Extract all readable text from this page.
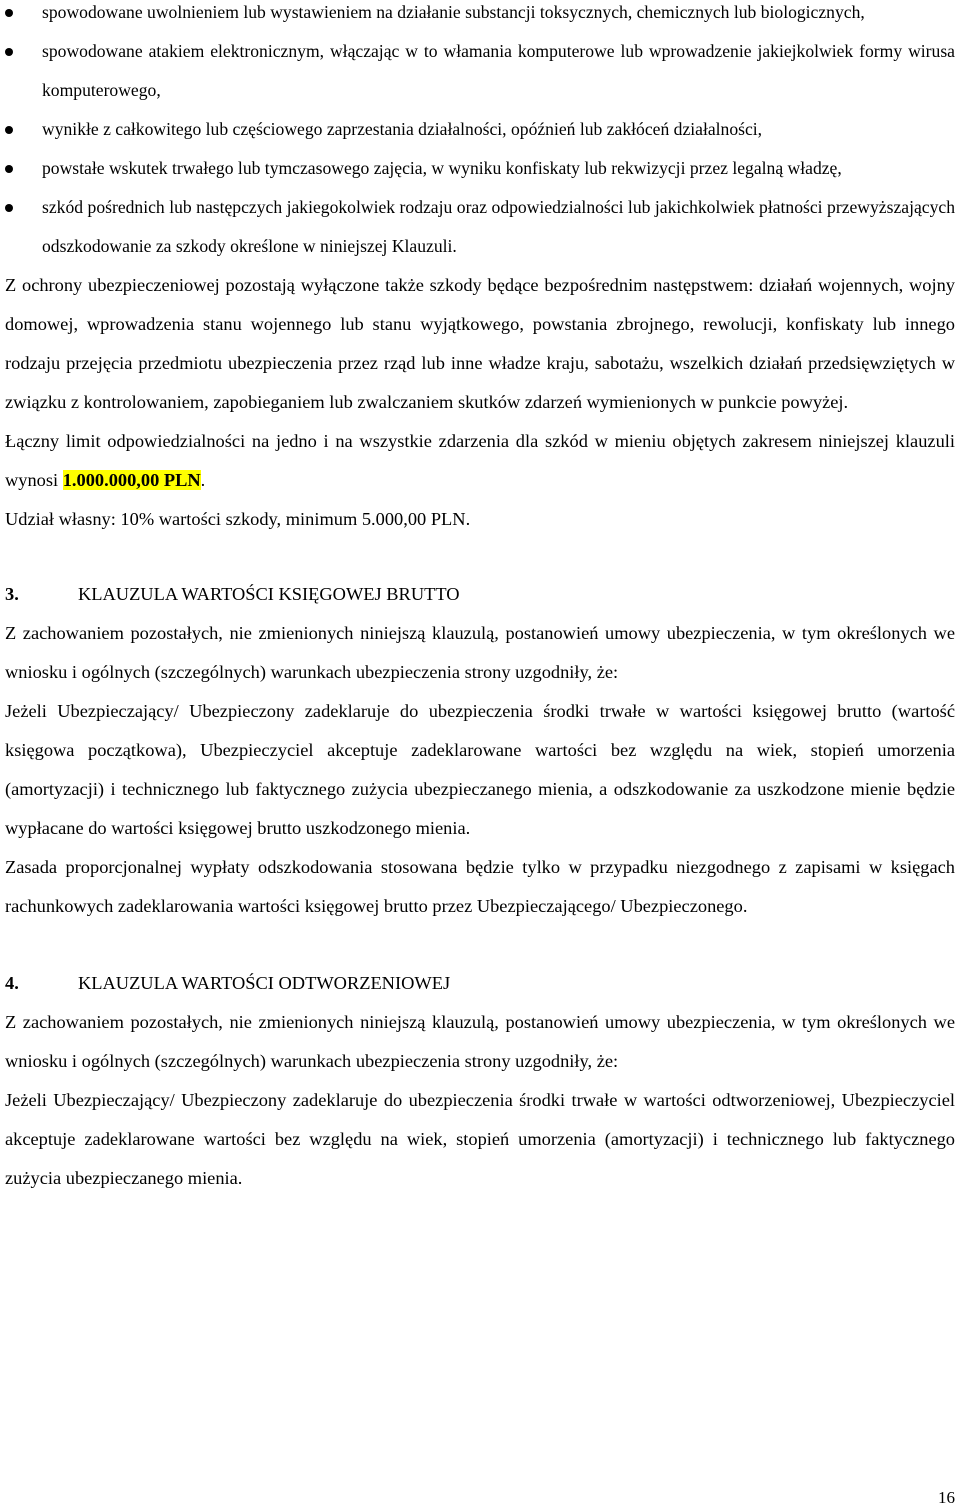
spowodowane uwolnieniem lub wystawieniem na działanie substancji toksycznych, chemicznych lub biologicznych,
spowodowane atakiem elektronicznym, włączając w to włamania komputerowe lub wprowadzenie jakiejkolwiek formy wirusa komputerowego,
wynikłe z całkowitego lub częściowego zaprzestania działalności, opóźnień lub zakłóceń działalności,
powstałe wskutek trwałego lub tymczasowego zajęcia, w wyniku konfiskaty lub rekwizycji przez legalną władzę,
szkód pośrednich lub następczych jakiegokolwiek rodzaju oraz odpowiedzialności lub jakichkolwiek płatności przewyższających odszkodowanie za szkody określone w niniejszej Klauzuli.

Z ochrony ubezpieczeniowej pozostają wyłączone także szkody będące bezpośrednim następstwem: działań wojennych, wojny domowej, wprowadzenia stanu wojennego lub stanu wyjątkowego, powstania zbrojnego, rewolucji, konfiskaty lub innego rodzaju przejęcia przedmiotu ubezpieczenia przez rząd lub inne władze kraju, sabotażu, wszelkich działań przedsięwziętych w związku z kontrolowaniem, zapobieganiem lub zwalczaniem skutków zdarzeń wymienionych w punkcie powyżej.

Łączny limit odpowiedzialności na jedno i na wszystkie zdarzenia dla szkód w mieniu objętych zakresem niniejszej klauzuli wynosi 1.000.000,00 PLN.

Udział własny: 10% wartości szkody, minimum 5.000,00 PLN.

3.	KLAUZULA WARTOŚCI KSIĘGOWEJ BRUTTO

Z zachowaniem pozostałych, nie zmienionych niniejszą klauzulą, postanowień umowy ubezpieczenia, w tym określonych we wniosku i ogólnych (szczególnych) warunkach ubezpieczenia strony uzgodniły, że:

Jeżeli Ubezpieczający/ Ubezpieczony zadeklaruje do ubezpieczenia środki trwałe w wartości księgowej brutto (wartość księgowa początkowa), Ubezpieczyciel akceptuje zadeklarowane wartości bez względu na wiek, stopień umorzenia (amortyzacji) i technicznego lub faktycznego zużycia ubezpieczanego mienia, a odszkodowanie za uszkodzone mienie będzie wypłacane do wartości księgowej brutto uszkodzonego mienia.

Zasada proporcjonalnej wypłaty odszkodowania stosowana będzie tylko w przypadku niezgodnego z zapisami w księgach rachunkowych zadeklarowania wartości księgowej brutto przez Ubezpieczającego/ Ubezpieczonego.

4.	KLAUZULA WARTOŚCI ODTWORZENIOWEJ

Z zachowaniem pozostałych, nie zmienionych niniejszą klauzulą, postanowień umowy ubezpieczenia, w tym określonych we wniosku i ogólnych (szczególnych) warunkach ubezpieczenia strony uzgodniły, że:

Jeżeli Ubezpieczający/ Ubezpieczony zadeklaruje do ubezpieczenia środki trwałe w wartości odtworzeniowej, Ubezpieczyciel akceptuje zadeklarowane wartości bez względu na wiek, stopień umorzenia (amortyzacji) i technicznego lub faktycznego zużycia ubezpieczanego mienia.

16
